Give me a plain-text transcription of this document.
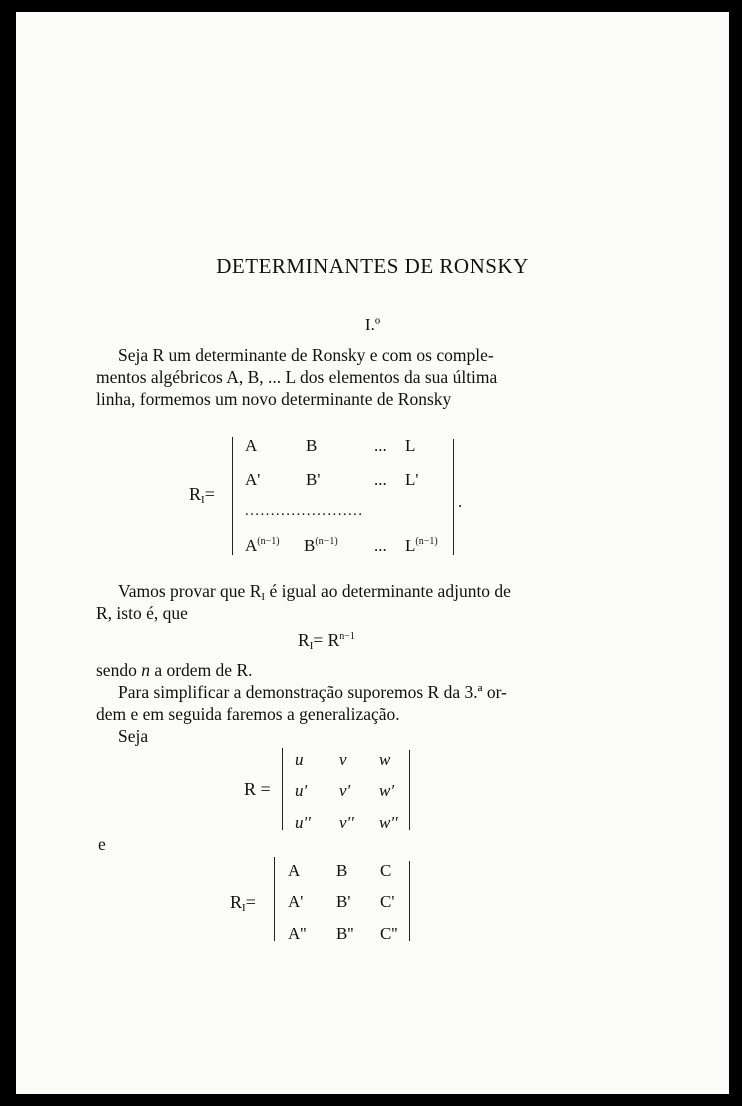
DETERMINANTES DE RONSKY
I.º
Seja R um determinante de Ronsky e com os comple-
mentos algébricos A, B, ... L dos elementos da sua última
linha, formemos um novo determinante de Ronsky
$R_I=$
A	B	... L
A'	B'	... L'
.......................
$A^{(n-1)}$ $B^{(n-1)}$ ... $L^{(n-1)}$
.
Vamos provar que $R_I$ é igual ao determinante adjunto de
R, isto é, que
$R_I= R^{n-1}$
sendo n a ordem de R.
Para simplificar a demonstração suporemos R da 3.ª or-
dem e em seguida faremos a generalização.
Seja
R =
u v w
u' v' w'
u'' v'' w''
e
$R_I=$
A B C
A' B' C'
A'' B'' C''
